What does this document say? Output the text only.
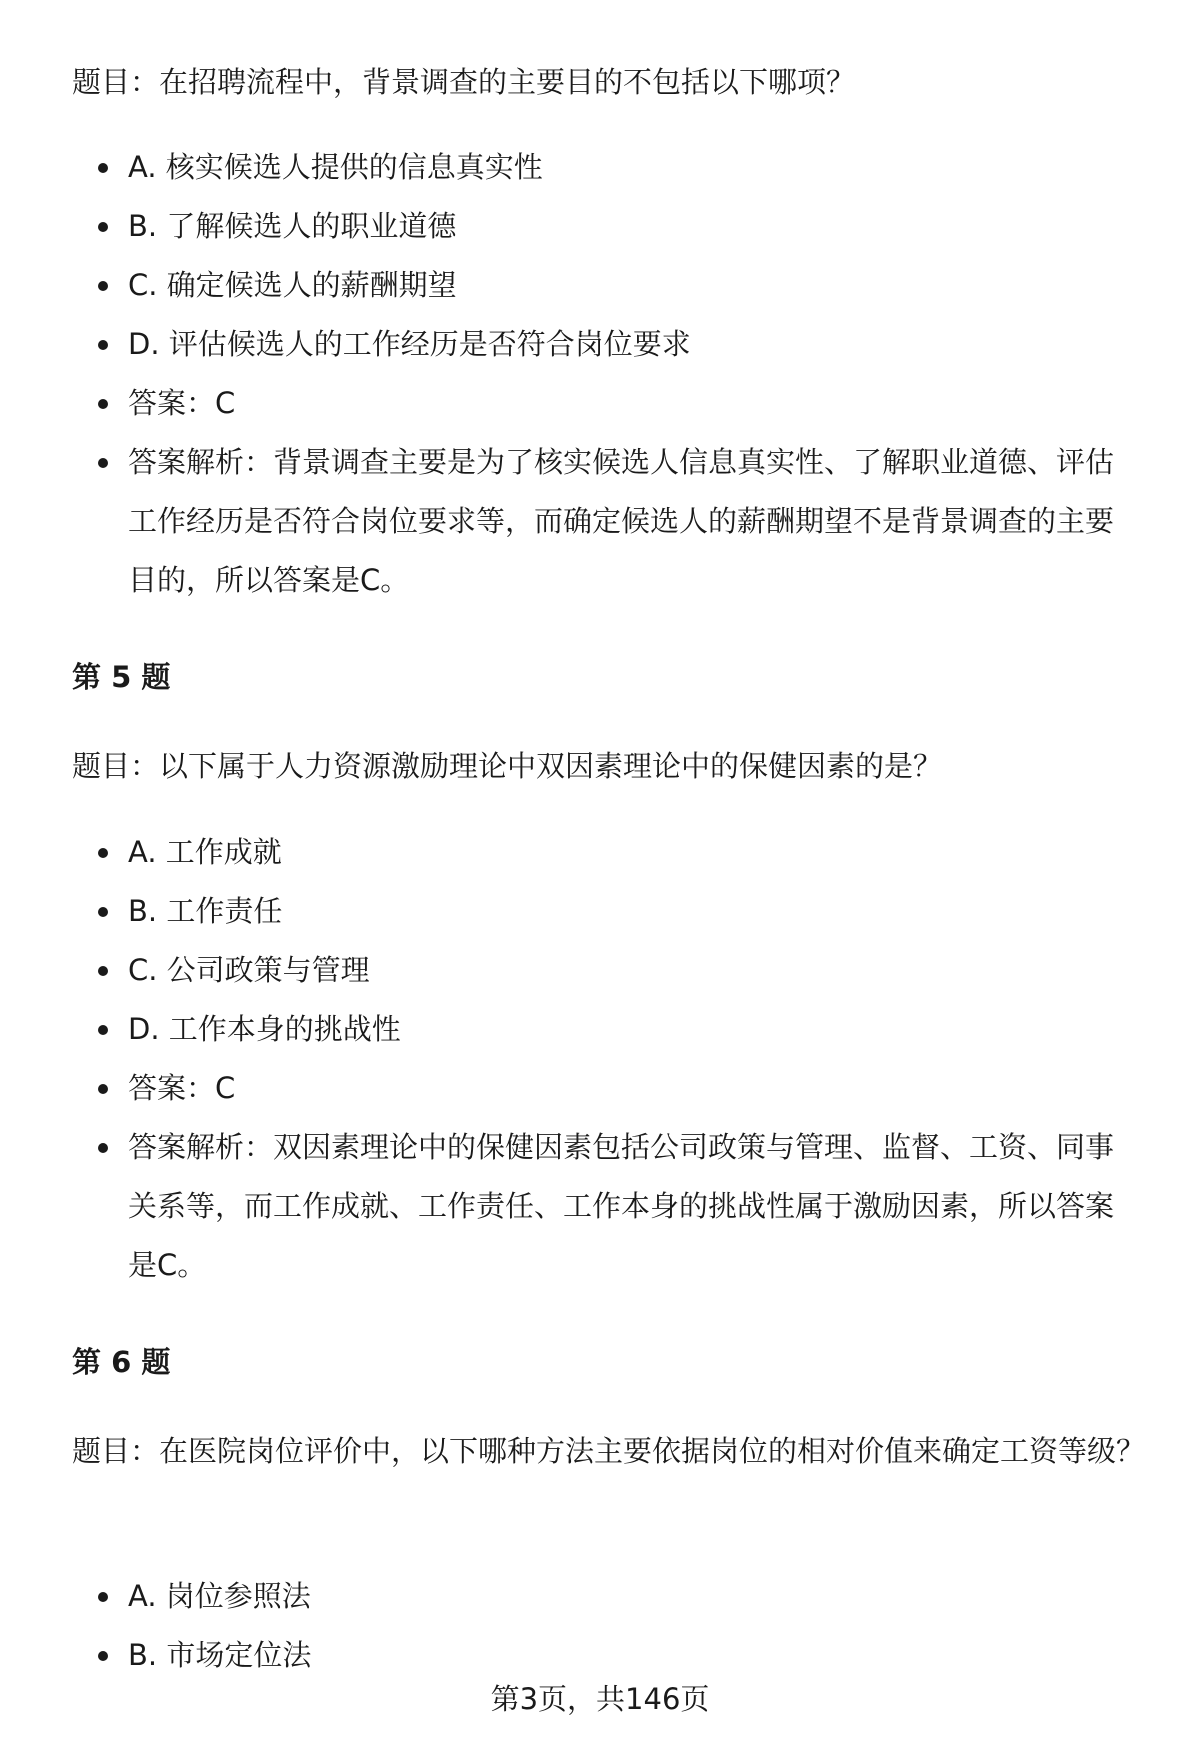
题目：在招聘流程中，背景调查的主要目的不包括以下哪项？

A. 核实候选人提供的信息真实性
B. 了解候选人的职业道德
C. 确定候选人的薪酬期望
D. 评估候选人的工作经历是否符合岗位要求
答案：C
答案解析：背景调查主要是为了核实候选人信息真实性、了解职业道德、评估工作经历是否符合岗位要求等，而确定候选人的薪酬期望不是背景调查的主要目的，所以答案是C。
第 5 题

题目：以下属于人力资源激励理论中双因素理论中的保健因素的是？

A. 工作成就
B. 工作责任
C. 公司政策与管理
D. 工作本身的挑战性
答案：C
答案解析：双因素理论中的保健因素包括公司政策与管理、监督、工资、同事关系等，而工作成就、工作责任、工作本身的挑战性属于激励因素，所以答案是C。
第 6 题

题目：在医院岗位评价中，以下哪种方法主要依据岗位的相对价值来确定工资等级？

A. 岗位参照法
B. 市场定位法
第3页，共146页
